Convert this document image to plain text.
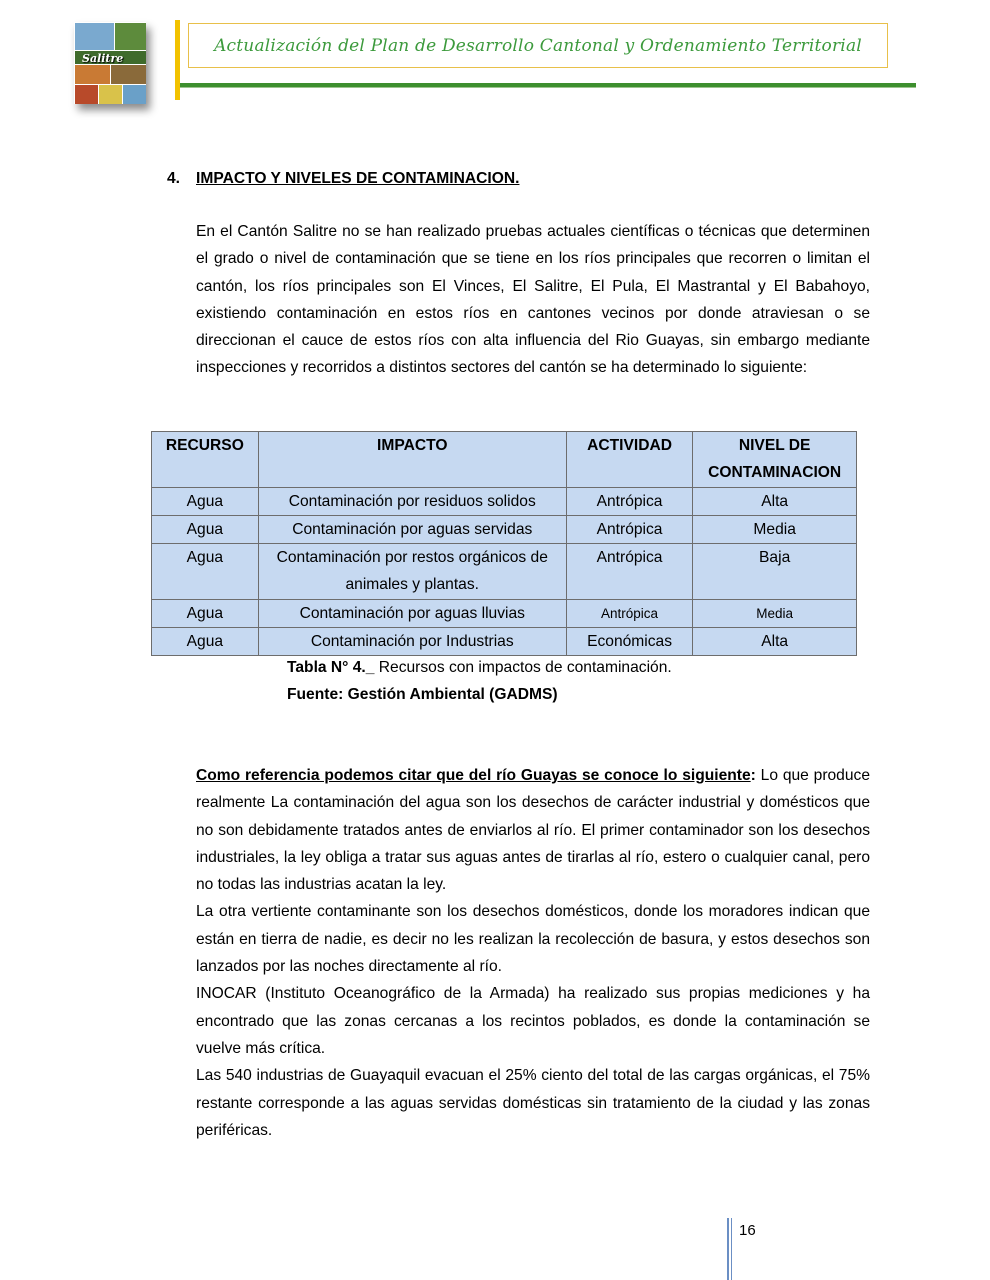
Salitre
Actualización del Plan de Desarrollo Cantonal y Ordenamiento Territorial
4. IMPACTO Y NIVELES DE CONTAMINACION.
En el Cantón Salitre no se han realizado pruebas actuales científicas o técnicas que determinen el grado o nivel de contaminación que se tiene en los ríos principales que recorren o limitan el cantón, los ríos principales son El Vinces, El Salitre, El Pula, El Mastrantal y El Babahoyo, existiendo contaminación en estos ríos en cantones vecinos por donde atraviesan o se direccionan el cauce de estos ríos con alta influencia del Rio Guayas, sin embargo mediante inspecciones y recorridos a distintos sectores del cantón se ha determinado lo siguiente:
RECURSO	IMPACTO	ACTIVIDAD	NIVEL DE CONTAMINACION
Agua	Contaminación por residuos solidos	Antrópica	Alta
Agua	Contaminación por aguas servidas	Antrópica	Media
Agua	Contaminación por restos orgánicos de animales y plantas.	Antrópica	Baja
Agua	Contaminación por aguas lluvias	Antrópica	Media
Agua	Contaminación por Industrias	Económicas	Alta
Tabla N° 4._ Recursos con impactos de contaminación.
Fuente: Gestión Ambiental (GADMS)
Como referencia podemos citar que del río Guayas se conoce lo siguiente: Lo que produce realmente La contaminación del agua son los desechos de carácter industrial y domésticos que no son debidamente tratados antes de enviarlos al río. El primer contaminador son los desechos industriales, la ley obliga a tratar sus aguas antes de tirarlas al río, estero o cualquier canal, pero no todas las industrias acatan la ley.
La otra vertiente contaminante son los desechos domésticos, donde los moradores indican que están en tierra de nadie, es decir no les realizan la recolección de basura, y estos desechos son lanzados por las noches directamente al río.
INOCAR (Instituto Oceanográfico de la Armada) ha realizado sus propias mediciones y ha encontrado que las zonas cercanas a los recintos poblados, es donde la contaminación se vuelve más crítica.
Las 540 industrias de Guayaquil evacuan el 25% ciento del total de las cargas orgánicas, el 75% restante corresponde a las aguas servidas domésticas sin tratamiento de la ciudad y las zonas periféricas.
16
